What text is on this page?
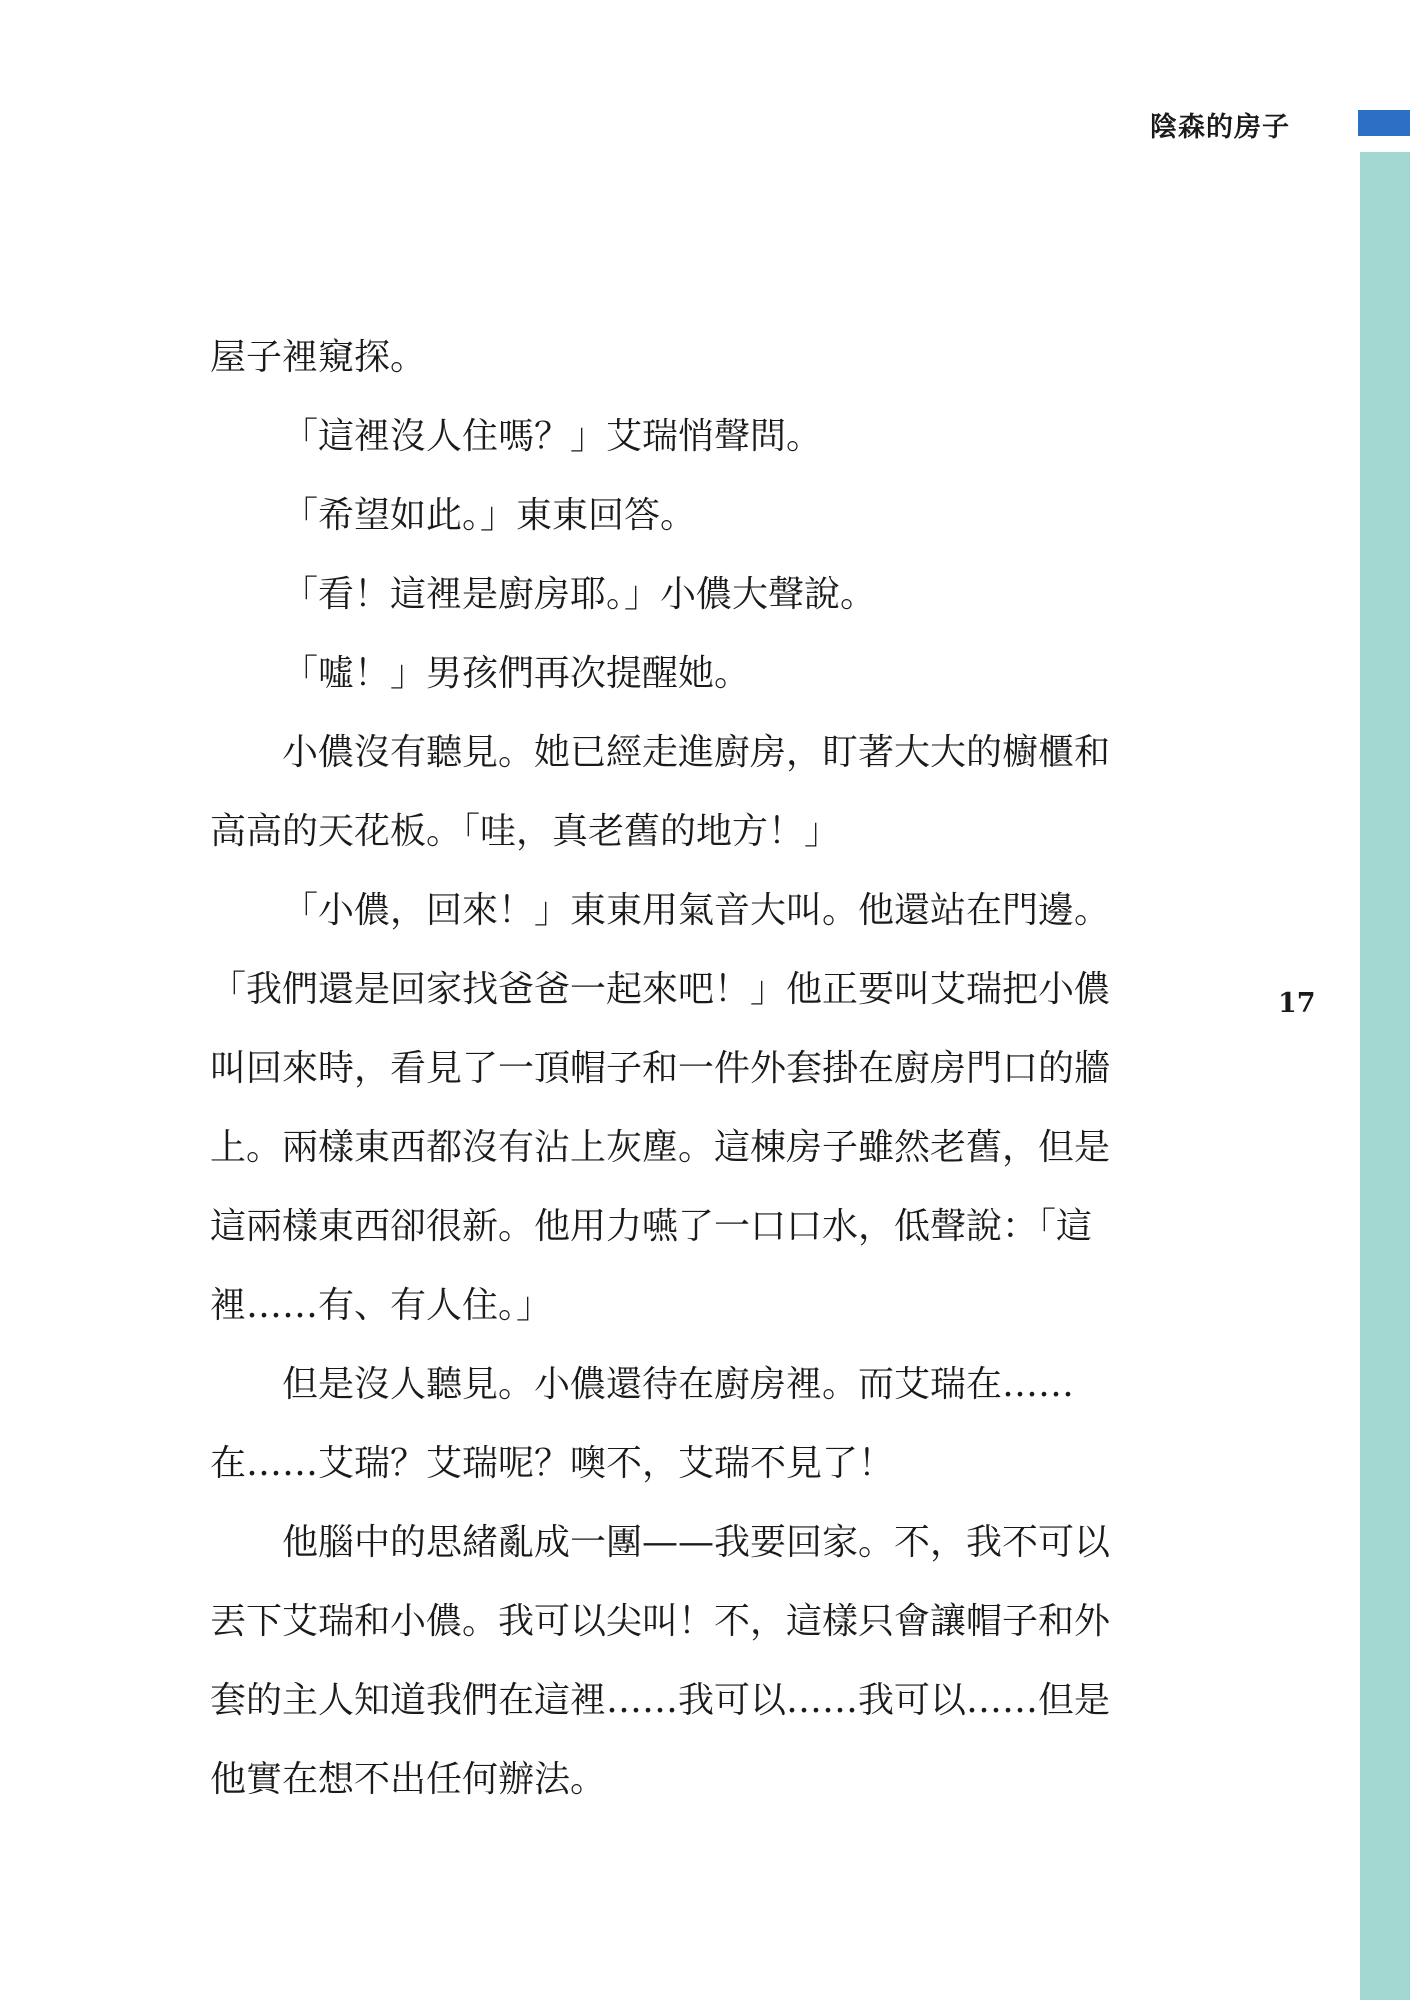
陰森的房子
17

屋子裡窺探。

「這裡沒人住嗎？」艾瑞悄聲問。

「希望如此。」東東回答。

「看！這裡是廚房耶。」小儂大聲說。

「噓！」男孩們再次提醒她。

小儂沒有聽見。她已經走進廚房，盯著大大的櫥櫃和

高高的天花板。「哇，真老舊的地方！」

「小儂，回來！」東東用氣音大叫。他還站在門邊。

「我們還是回家找爸爸一起來吧！」他正要叫艾瑞把小儂

叫回來時，看見了一頂帽子和一件外套掛在廚房門口的牆

上。兩樣東西都沒有沾上灰塵。這棟房子雖然老舊，但是

這兩樣東西卻很新。他用力嚥了一口口水，低聲說：「這

裡……有、有人住。」

但是沒人聽見。小儂還待在廚房裡。而艾瑞在……

在……艾瑞？艾瑞呢？噢不，艾瑞不見了！

他腦中的思緒亂成一團——我要回家。不，我不可以

丟下艾瑞和小儂。我可以尖叫！不，這樣只會讓帽子和外

套的主人知道我們在這裡……我可以……我可以……但是

他實在想不出任何辦法。
